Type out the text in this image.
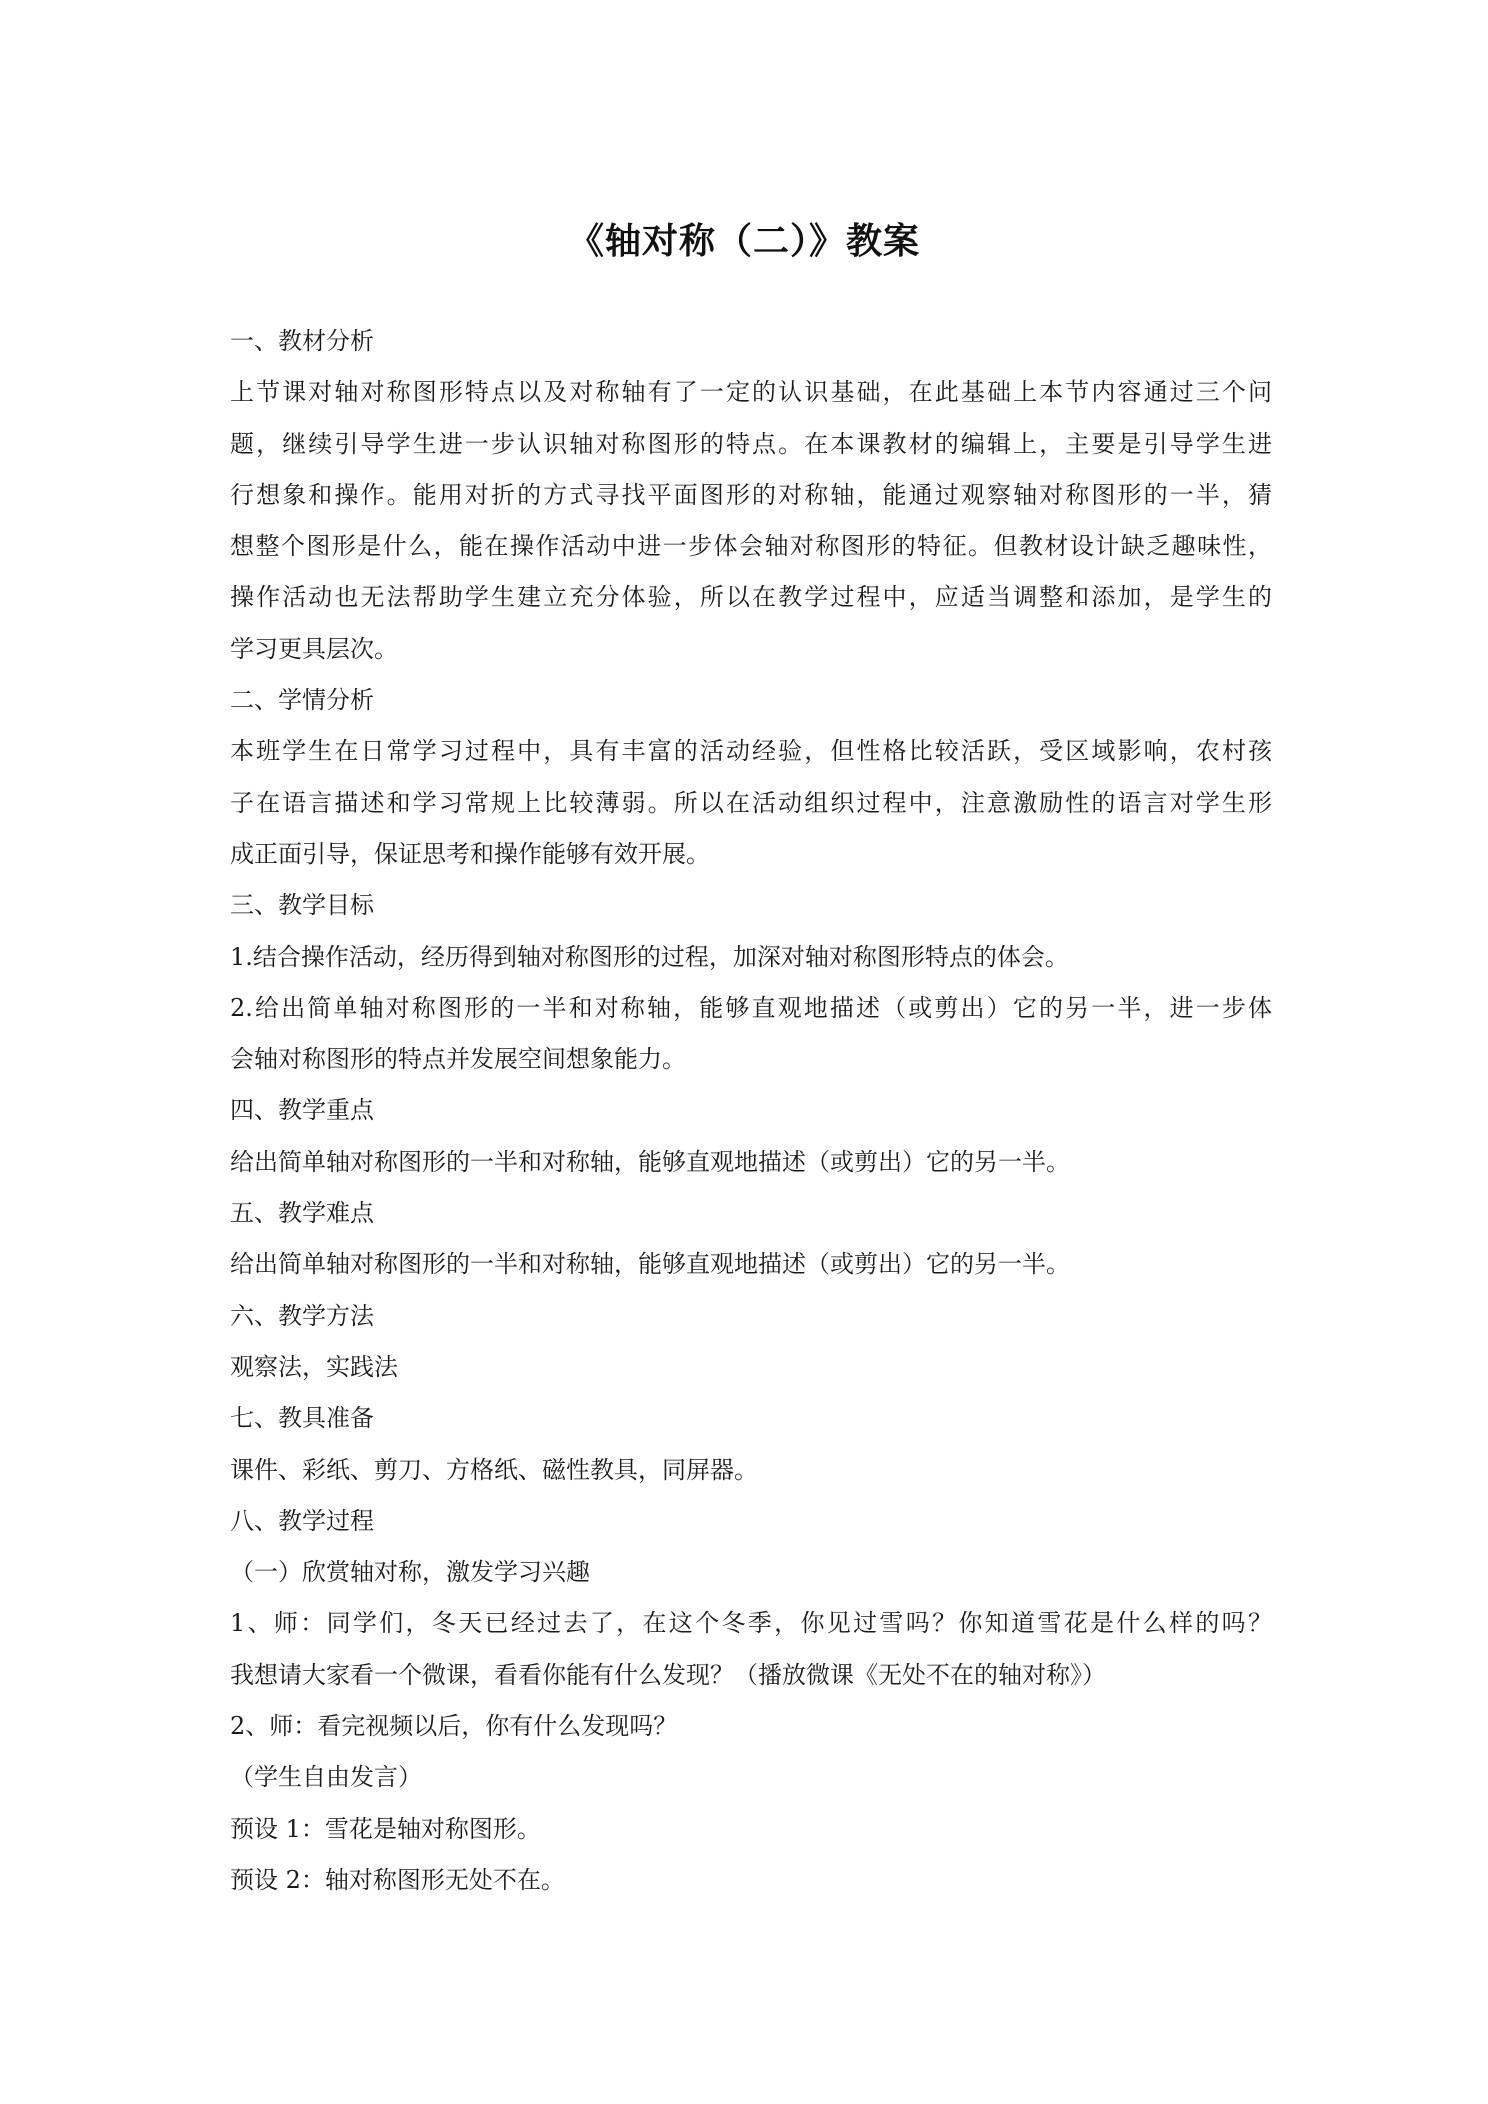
《轴对称（二）》教案
一、教材分析
上节课对轴对称图形特点以及对称轴有了一定的认识基础，在此基础上本节内容通过三个问
题，继续引导学生进一步认识轴对称图形的特点。在本课教材的编辑上，主要是引导学生进
行想象和操作。能用对折的方式寻找平面图形的对称轴，能通过观察轴对称图形的一半，猜
想整个图形是什么，能在操作活动中进一步体会轴对称图形的特征。但教材设计缺乏趣味性，
操作活动也无法帮助学生建立充分体验，所以在教学过程中，应适当调整和添加，是学生的
学习更具层次。
二、学情分析
本班学生在日常学习过程中，具有丰富的活动经验，但性格比较活跃，受区域影响，农村孩
子在语言描述和学习常规上比较薄弱。所以在活动组织过程中，注意激励性的语言对学生形
成正面引导，保证思考和操作能够有效开展。
三、教学目标
1.结合操作活动，经历得到轴对称图形的过程，加深对轴对称图形特点的体会。
2.给出简单轴对称图形的一半和对称轴，能够直观地描述（或剪出）它的另一半，进一步体
会轴对称图形的特点并发展空间想象能力。
四、教学重点
给出简单轴对称图形的一半和对称轴，能够直观地描述（或剪出）它的另一半。
五、教学难点
给出简单轴对称图形的一半和对称轴，能够直观地描述（或剪出）它的另一半。
六、教学方法
观察法，实践法
七、教具准备
课件、彩纸、剪刀、方格纸、磁性教具，同屏器。
八、教学过程
（一）欣赏轴对称，激发学习兴趣
1、师：同学们，冬天已经过去了，在这个冬季，你见过雪吗？你知道雪花是什么样的吗？
我想请大家看一个微课，看看你能有什么发现？（播放微课《无处不在的轴对称》）
2、师：看完视频以后，你有什么发现吗？
（学生自由发言）
预设 1：雪花是轴对称图形。
预设 2：轴对称图形无处不在。
